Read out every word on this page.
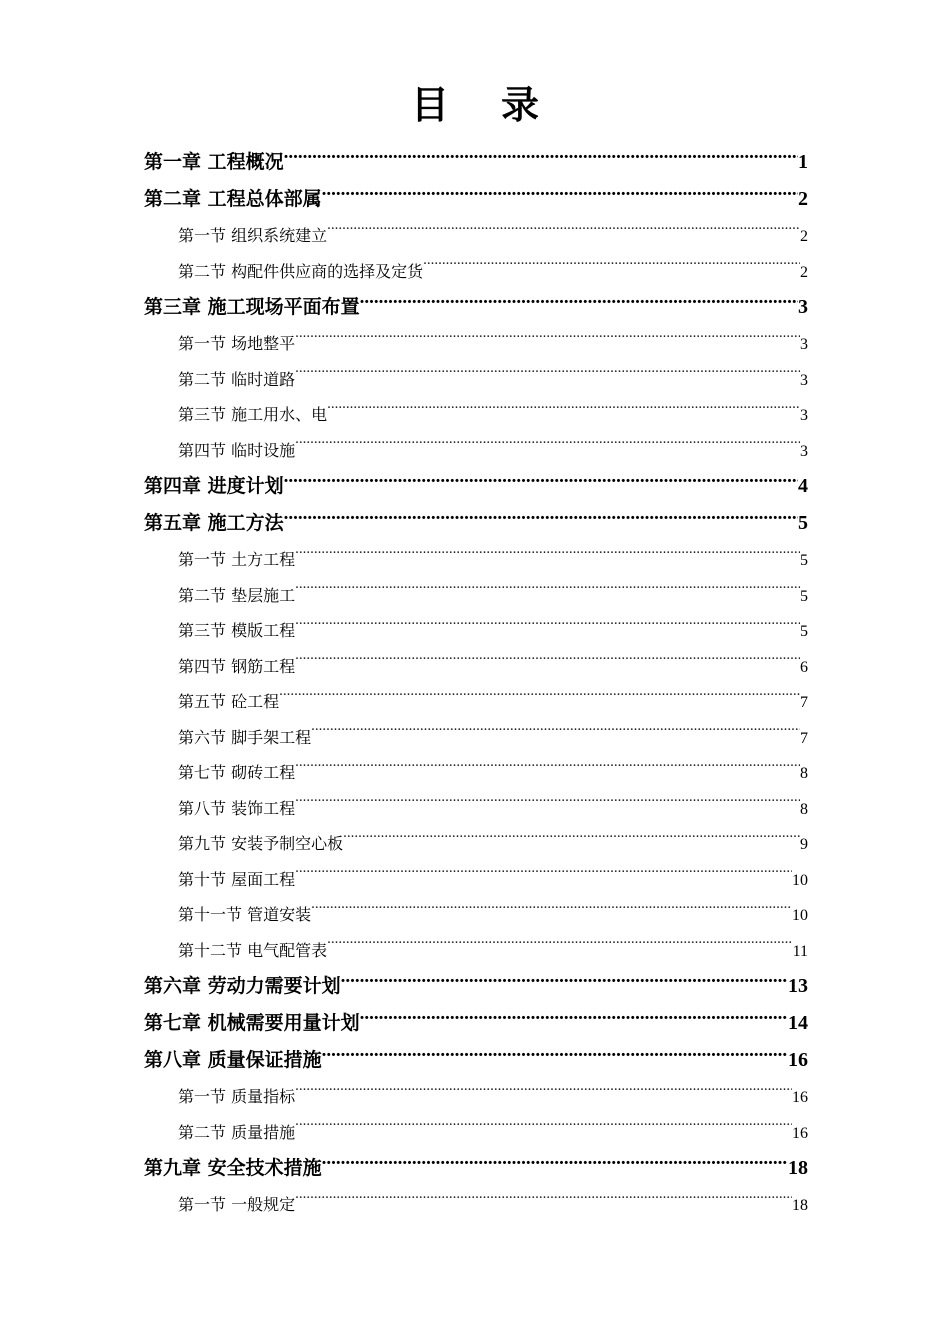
目 录
第一章 工程概况 .....	1
第二章 工程总体部属 .....	2
第一节 组织系统建立 .....	2
第二节 构配件供应商的选择及定货 .....	2
第三章 施工现场平面布置 .....	3
第一节 场地整平 .....	3
第二节 临时道路 .....	3
第三节 施工用水、电 .....	3
第四节 临时设施 .....	3
第四章 进度计划 .....	4
第五章 施工方法 .....	5
第一节 土方工程 .....	5
第二节 垫层施工 .....	5
第三节 模版工程 .....	5
第四节 钢筋工程 .....	6
第五节 砼工程 .....	7
第六节 脚手架工程 .....	7
第七节 砌砖工程 .....	8
第八节 装饰工程 .....	8
第九节 安装予制空心板 .....	9
第十节 屋面工程 .....	10
第十一节 管道安装 .....	10
第十二节 电气配管表 .....	11
第六章 劳动力需要计划 .....	13
第七章 机械需要用量计划 .....	14
第八章 质量保证措施 .....	16
第一节 质量指标 .....	16
第二节 质量措施 .....	16
第九章 安全技术措施 .....	18
第一节 一般规定 .....	18
